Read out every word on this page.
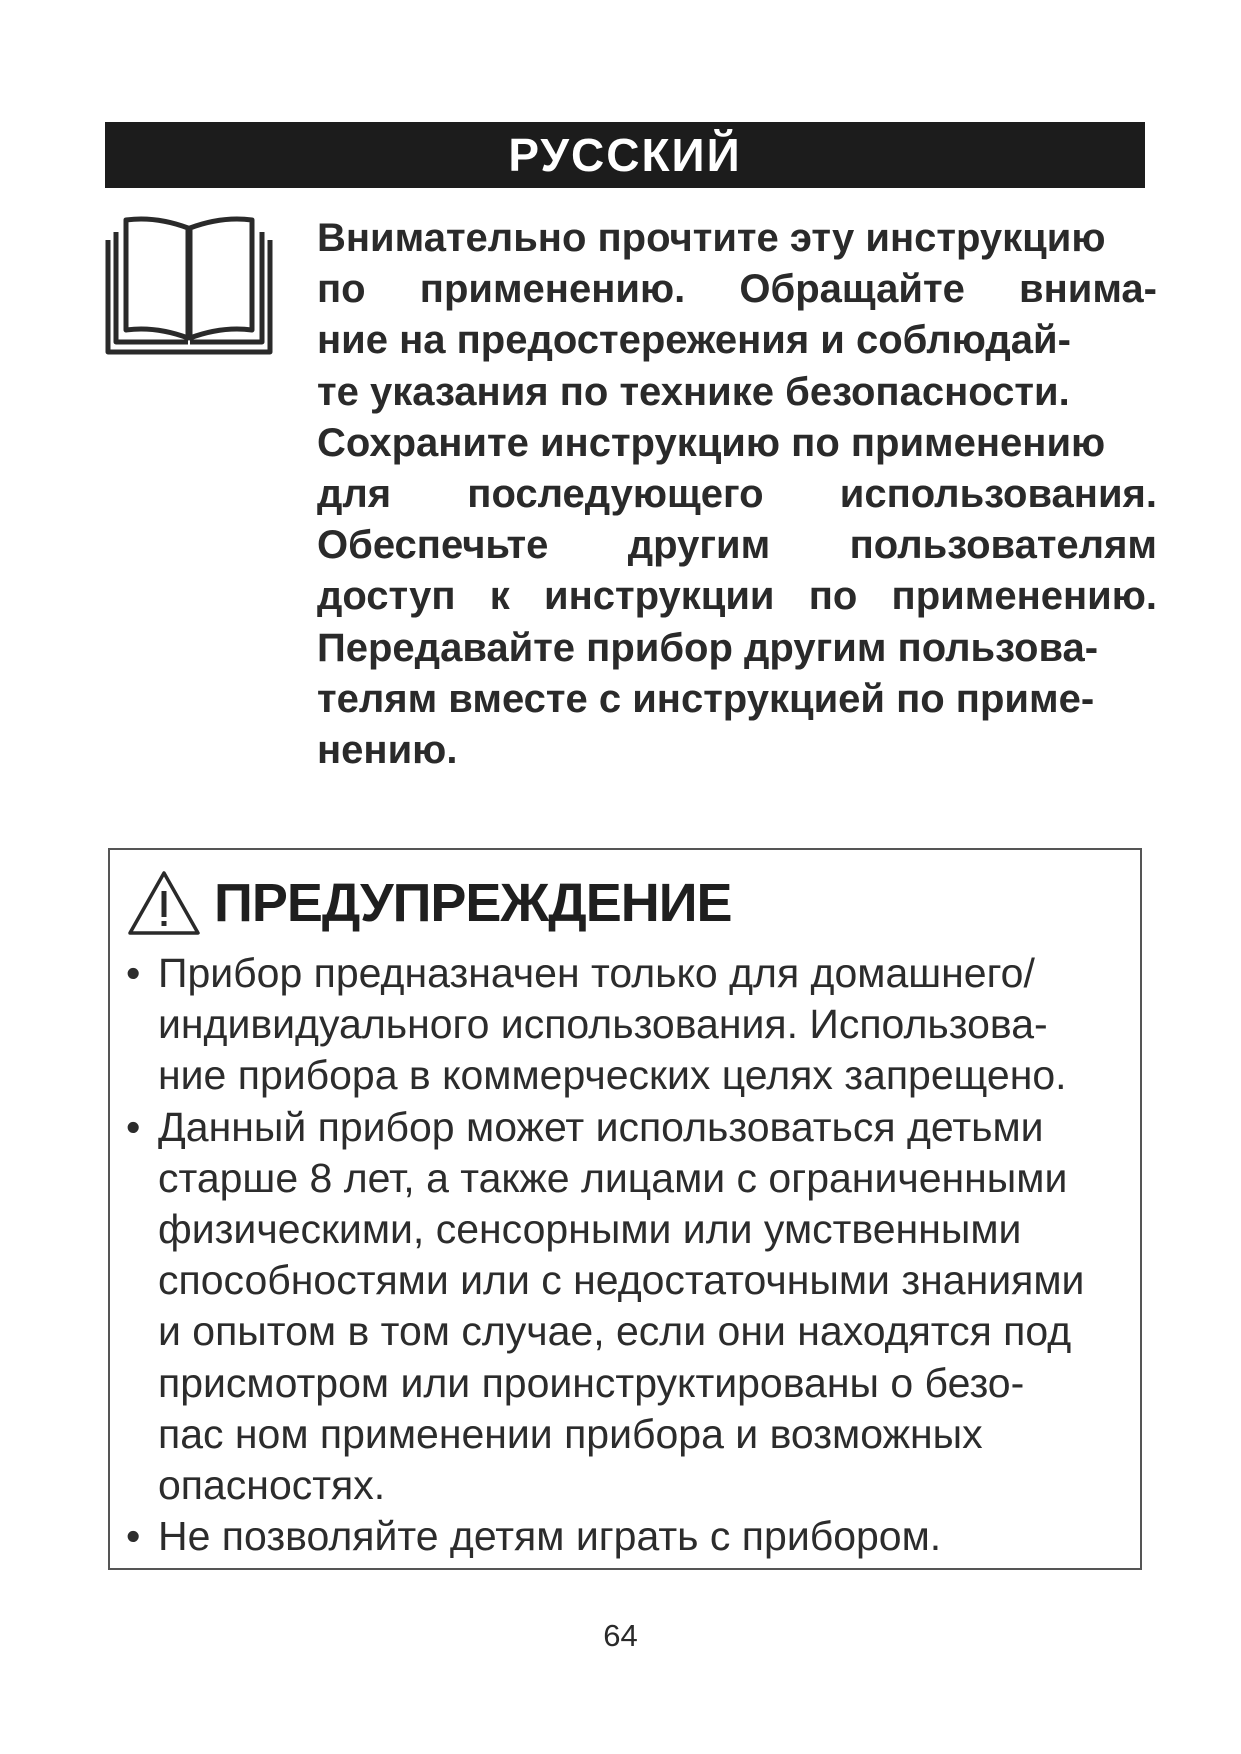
РУССКИЙ
Внимательно прочтите эту инструкцию
по применению. Обращайте внима-
ние на предостережения и соблюдай-
те указания по технике безопасности.
Сохраните инструкцию по применению
для последующего использования.
Обеспечьте другим пользователям
доступ к инструкции по применению.
Передавайте прибор другим пользова-
телям вместе с инструкцией по приме-
нению.
ПРЕДУПРЕЖДЕНИЕ
• Прибор предназначен только для домашнего/
индивидуального использования. Использова-
ние прибора в коммерческих целях запрещено.
• Данный прибор может использоваться детьми
старше 8 лет, а также лицами с ограниченными
физическими, сенсорными или умственными
способностями или с недостаточными знаниями
и опытом в том случае, если они находятся под
присмотром или проинструктированы о безо-
пас ном применении прибора и возможных
опасностях.
• Не позволяйте детям играть с прибором.
64
